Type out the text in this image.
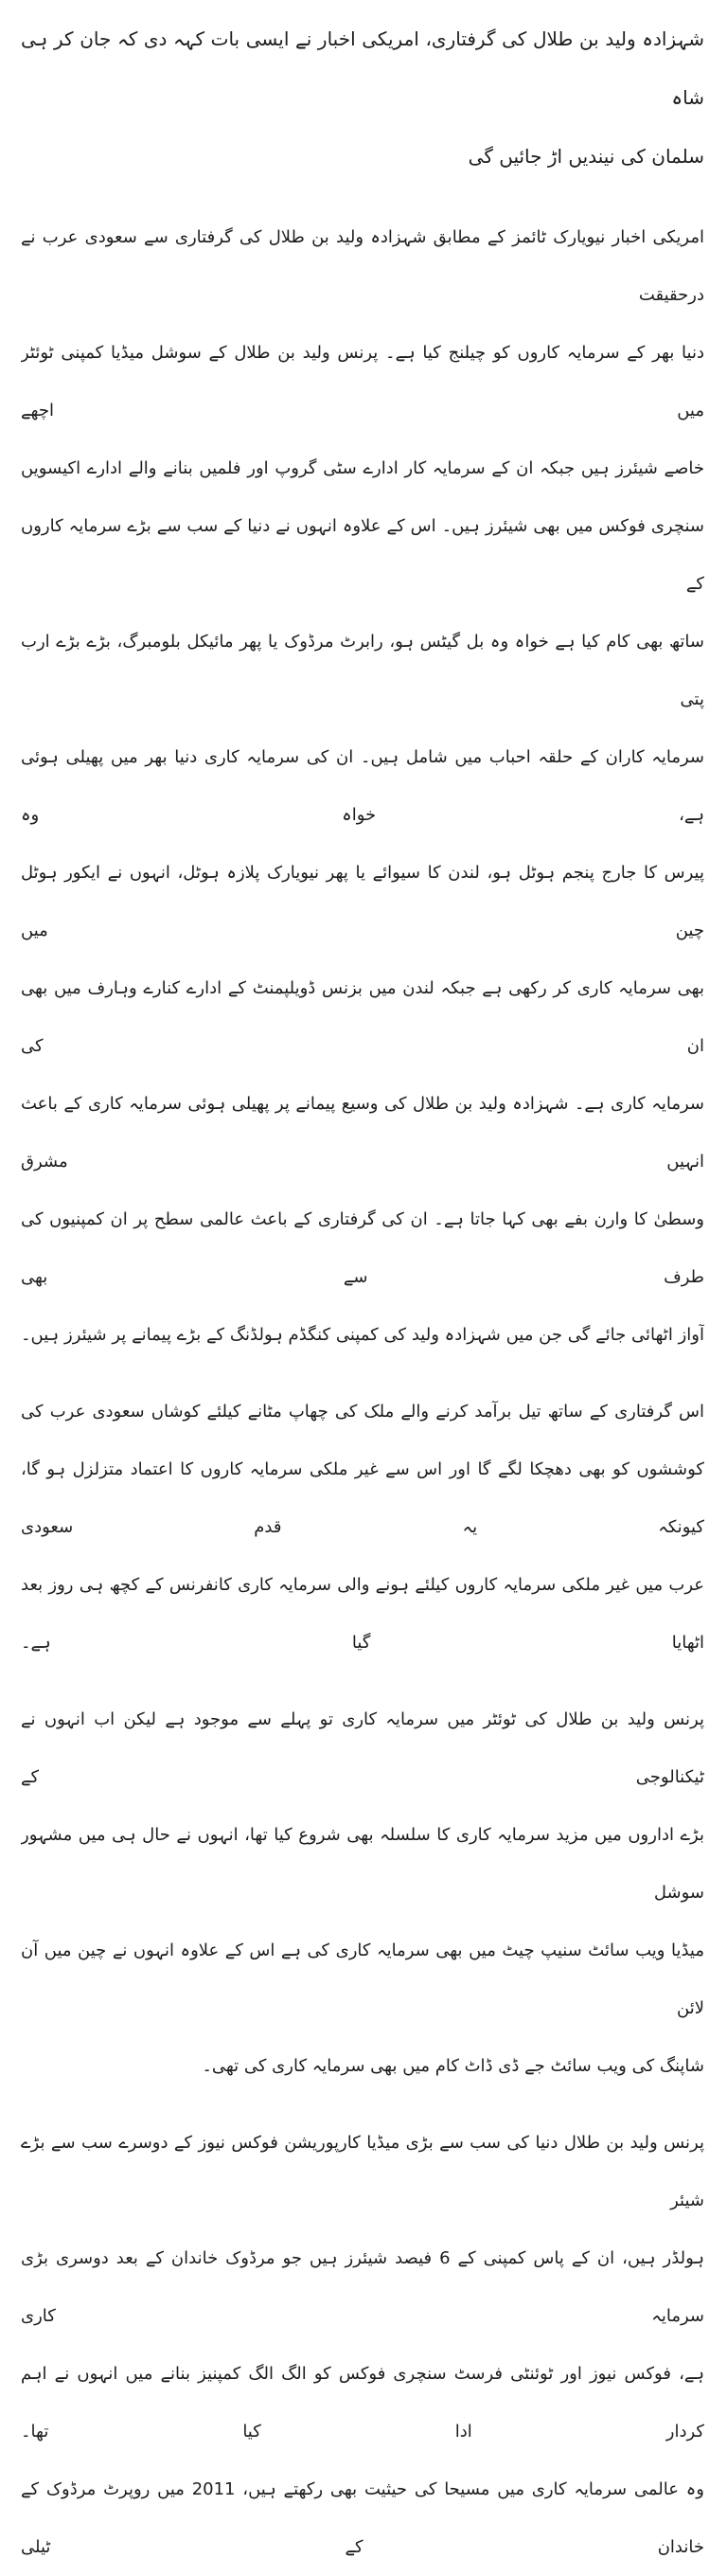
شہزادہ ولید بن طلال کی گرفتاری، امریکی اخبار نے ایسی بات کہہ دی کہ جان کر ہی شاہ
سلمان کی نیندیں اڑ جائیں گی
امریکی اخبار نیویارک ٹائمز کے مطابق شہزادہ ولید بن طلال کی گرفتاری سے سعودی عرب نے درحقیقت
دنیا بھر کے سرمایہ کاروں کو چیلنج کیا ہے۔ پرنس ولید بن طلال کے سوشل میڈیا کمپنی ٹوئٹر میں اچھے
خاصے شیئرز ہیں جبکہ ان کے سرمایہ کار ادارے سٹی گروپ اور فلمیں بنانے والے ادارے اکیسویں
سنچری فوکس میں بھی شیئرز ہیں۔ اس کے علاوہ انہوں نے دنیا کے سب سے بڑے سرمایہ کاروں کے
ساتھ بھی کام کیا ہے خواہ وہ بل گیٹس ہو، رابرٹ مرڈوک یا پھر مائیکل بلومبرگ، بڑے بڑے ارب پتی
سرمایہ کاران کے حلقہ احباب میں شامل ہیں۔ ان کی سرمایہ کاری دنیا بھر میں پھیلی ہوئی ہے، خواہ وہ
پیرس کا جارج پنجم ہوٹل ہو، لندن کا سیوائے یا پھر نیویارک پلازہ ہوٹل، انہوں نے ایکور ہوٹل چین میں
بھی سرمایہ کاری کر رکھی ہے جبکہ لندن میں بزنس ڈویلپمنٹ کے ادارے کنارے وہارف میں بھی ان کی
سرمایہ کاری ہے۔ شہزادہ ولید بن طلال کی وسیع پیمانے پر پھیلی ہوئی سرمایہ کاری کے باعث انہیں مشرق
وسطیٰ کا وارن بفے بھی کہا جاتا ہے۔ ان کی گرفتاری کے باعث عالمی سطح پر ان کمپنیوں کی طرف سے بھی
آواز اٹھائی جائے گی جن میں شہزادہ ولید کی کمپنی کنگڈم ہولڈنگ کے بڑے پیمانے پر شیئرز ہیں۔
اس گرفتاری کے ساتھ تیل برآمد کرنے والے ملک کی چھاپ مٹانے کیلئے کوشاں سعودی عرب کی
کوششوں کو بھی دھچکا لگے گا اور اس سے غیر ملکی سرمایہ کاروں کا اعتماد متزلزل ہو گا، کیونکہ یہ قدم سعودی
عرب میں غیر ملکی سرمایہ کاروں کیلئے ہونے والی سرمایہ کاری کانفرنس کے کچھ ہی روز بعد اٹھایا گیا ہے۔
پرنس ولید بن طلال کی ٹوئٹر میں سرمایہ کاری تو پہلے سے موجود ہے لیکن اب انہوں نے ٹیکنالوجی کے
بڑے اداروں میں مزید سرمایہ کاری کا سلسلہ بھی شروع کیا تھا، انہوں نے حال ہی میں مشہور سوشل
میڈیا ویب سائٹ سنیپ چیٹ میں بھی سرمایہ کاری کی ہے اس کے علاوہ انہوں نے چین میں آن لائن
شاپنگ کی ویب سائٹ جے ڈی ڈاٹ کام میں بھی سرمایہ کاری کی تھی۔
پرنس ولید بن طلال دنیا کی سب سے بڑی میڈیا کارپوریشن فوکس نیوز کے دوسرے سب سے بڑے شیئر
ہولڈر ہیں، ان کے پاس کمپنی کے 6 فیصد شیئرز ہیں جو مرڈوک خاندان کے بعد دوسری بڑی سرمایہ کاری
ہے، فوکس نیوز اور ٹوئنٹی فرسٹ سنچری فوکس کو الگ الگ کمپنیز بنانے میں انہوں نے اہم کردار ادا کیا تھا۔
وہ عالمی سرمایہ کاری میں مسیحا کی حیثیت بھی رکھتے ہیں، 2011 میں روپرٹ مرڈوک کے خاندان کے ٹیلی
